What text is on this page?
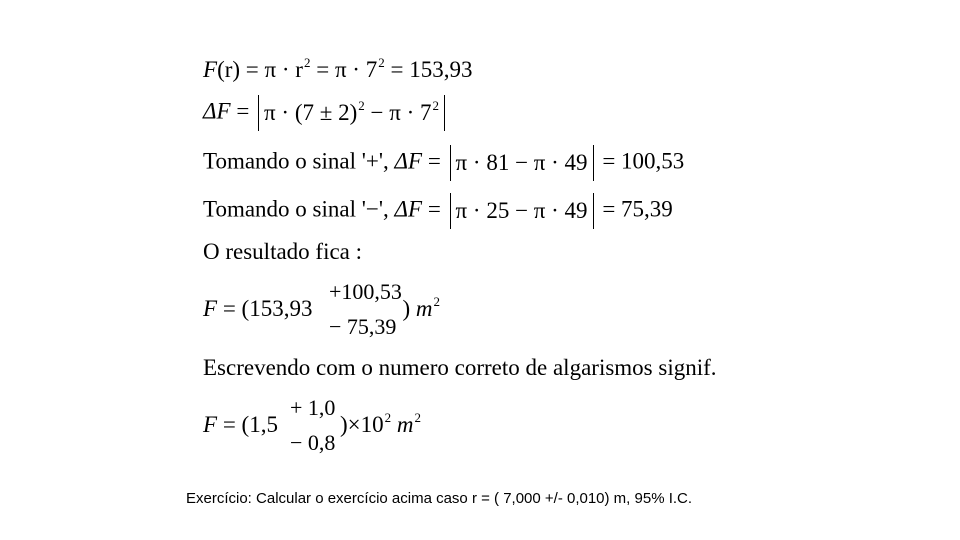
$F(r) = \pi \cdot r^2 = \pi \cdot 7^2 = 153,93$
$\Delta F = \pi \cdot (7 \pm 2)^2 - \pi \cdot 7^2$
Tomando o sinal '+', ΔF = π · 81 − π · 49 = 100,53
Tomando o sinal '−', ΔF = π · 25 − π · 49 = 75,39
O resultado fica :
F = (153,93	) $m^2$
+100,53
− 75,39
Escrevendo com o numero correto de algarismos signif.
F = (1,5	)$\times 10^2$ $m^2$
+ 1,0
− 0,8
Exercício: Calcular o exercício acima caso r = ( 7,000 +/- 0,010) m, 95% I.C.
